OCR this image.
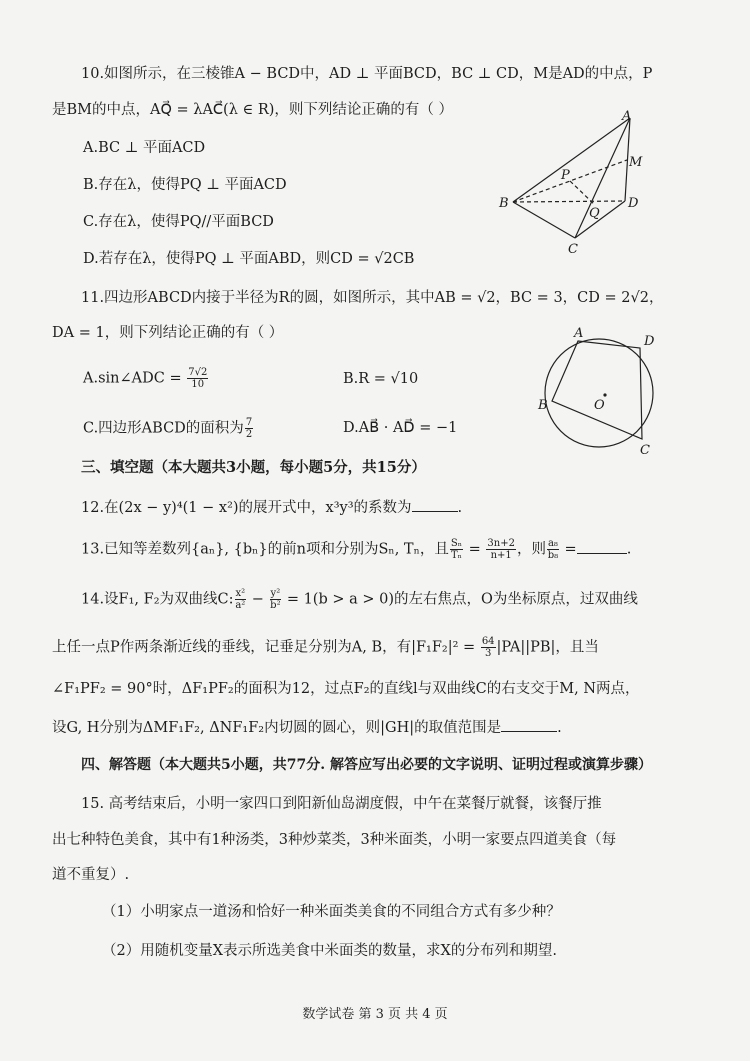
10.如图所示，在三棱锥A − BCD中，AD ⊥ 平面BCD，BC ⊥ CD，M是AD的中点，P
是BM的中点，AQ⃗ = λAC⃗(λ ∈ R)，则下列结论正确的有（ ）
A.BC ⊥ 平面ACD
B.存在λ，使得PQ ⊥ 平面ACD
C.存在λ，使得PQ//平面BCD
D.若存在λ，使得PQ ⊥ 平面ABD，则CD = √2CB
A
B
C
D
M
P
Q
11.四边形ABCD内接于半径为R的圆，如图所示，其中AB = √2，BC = 3，CD = 2√2，
DA = 1，则下列结论正确的有（ ）
A.sin∠ADC = $\frac{7√2}{10}$	B.R = √10
C.四边形ABCD的面积为 $\frac{7}{2}$	D.AB⃗ · AD⃗ = −1
A
D
B
C
O
三、填空题（本大题共3小题，每小题5分，共15分）
12.在(2x − y)⁴(1 − x²)的展开式中，x³y³的系数为	.
13.已知等差数列{aₙ}, {bₙ}的前n项和分别为Sₙ, Tₙ，且 $\frac{\text{Sₙ}}{\text{Tₙ}} = \frac{3n+2}{n+1}$ ，则 $\frac{\text{a₈}}{\text{b₈}}$ =	.
14.设F₁, F₂为双曲线C: $\frac{\text{x²}}{\text{a²}} - \frac{\text{y²}}{\text{b²}} = 1(b > a > 0)$的左右焦点，O为坐标原点，过双曲线
上任一点P作两条渐近线的垂线，记垂足分别为A, B，有$|F_1F_2|^2 = \frac{64}{3} |PA||PB|$，且当
∠F₁PF₂ = 90°时，ΔF₁PF₂的面积为12，过点F₂的直线l与双曲线C的右支交于M, N两点，
设G, H分别为ΔMF₁F₂, ΔNF₁F₂内切圆的圆心，则|GH|的取值范围是	.
四、解答题（本大题共5小题，共77分. 解答应写出必要的文字说明、证明过程或演算步骤）
15. 高考结束后，小明一家四口到阳新仙岛湖度假，中午在菜餐厅就餐，该餐厅推
出七种特色美食，其中有1种汤类，3种炒菜类，3种米面类，小明一家要点四道美食（每
道不重复）.
（1）小明家点一道汤和恰好一种米面类美食的不同组合方式有多少种？
（2）用随机变量X表示所选美食中米面类的数量，求X的分布列和期望.
数学试卷 第 3 页 共 4 页
